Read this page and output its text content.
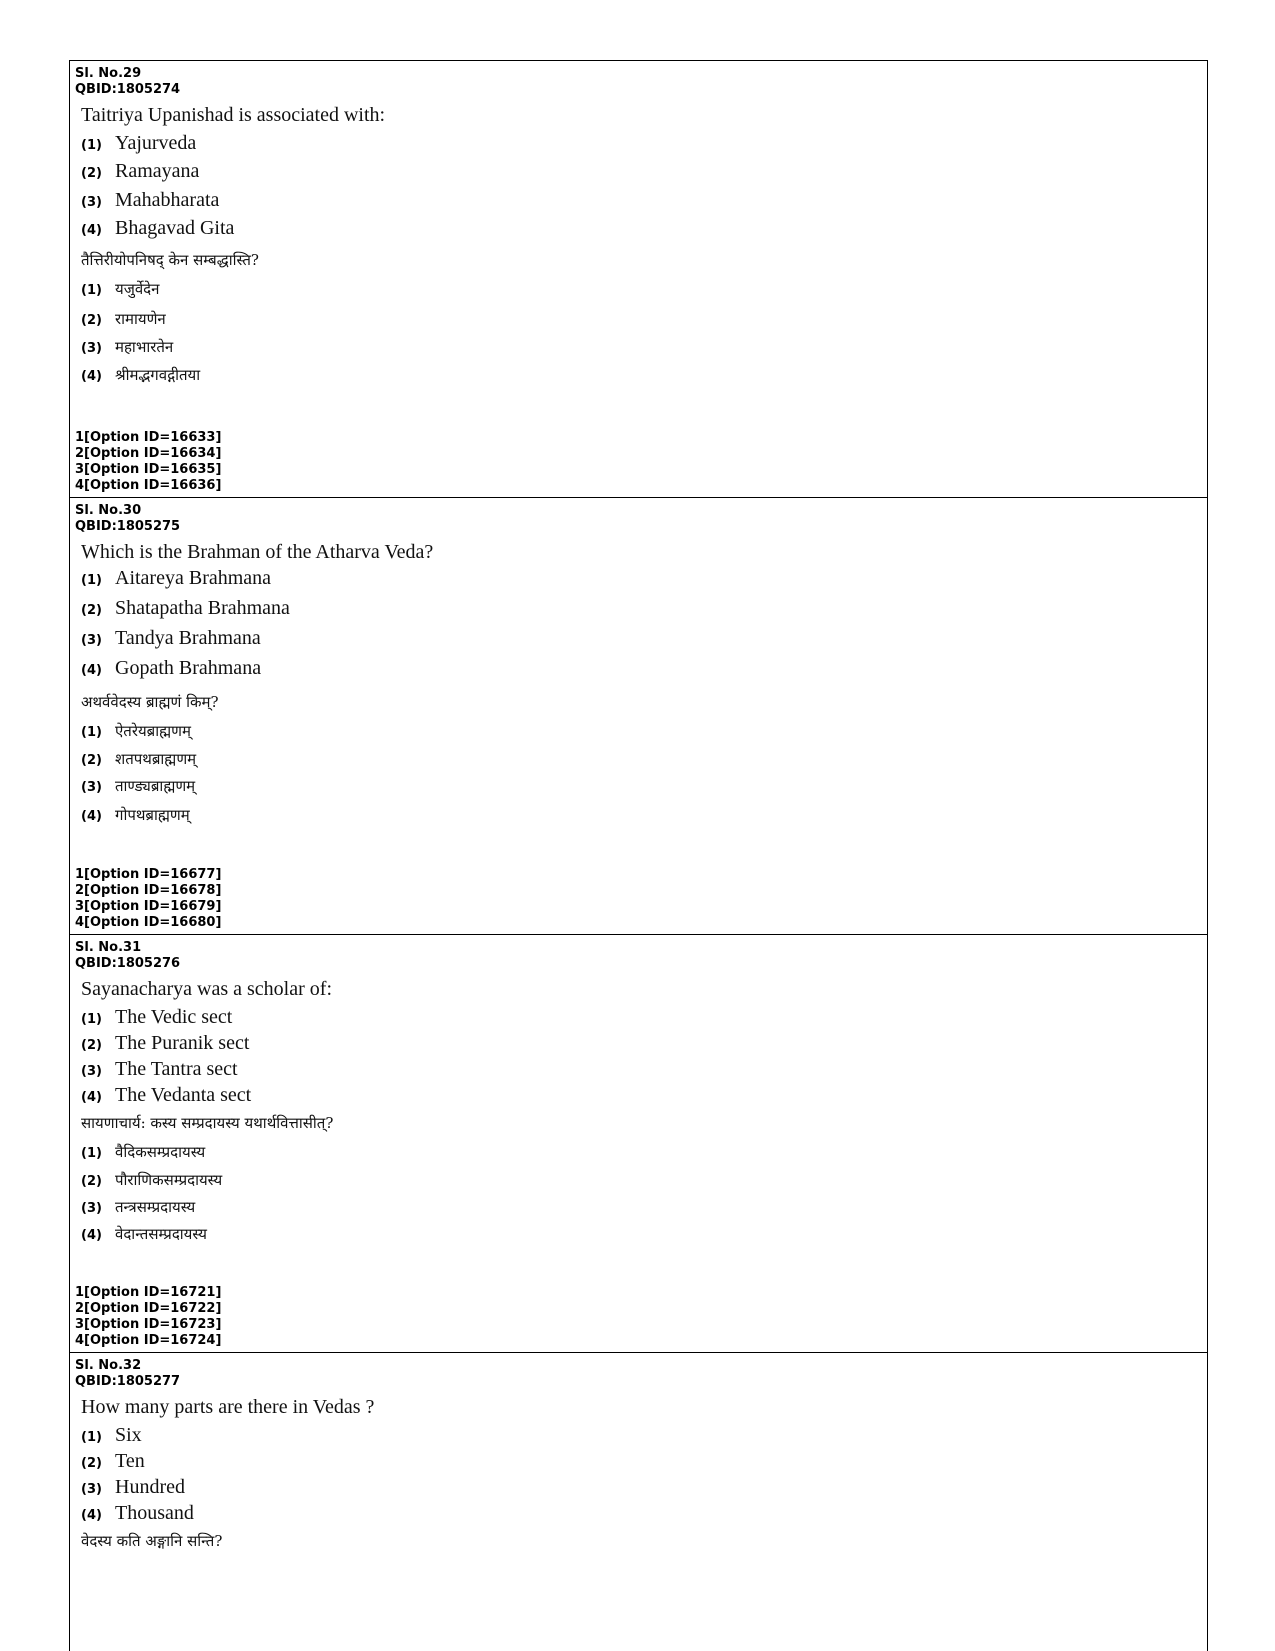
Sl. No.29
QBID:1805274
Taitriya Upanishad is associated with:
(1) Yajurveda
(2) Ramayana
(3) Mahabharata
(4) Bhagavad Gita
तैत्तिरीयोपनिषद् केन सम्बद्धास्ति?
(1) यजुर्वेदेन
(2) रामायणेन
(3) महाभारतेन
(4) श्रीमद्भगवद्गीतया
1[Option ID=16633]
2[Option ID=16634]
3[Option ID=16635]
4[Option ID=16636]
Sl. No.30
QBID:1805275
Which is the Brahman of the Atharva Veda?
(1) Aitareya Brahmana
(2) Shatapatha Brahmana
(3) Tandya Brahmana
(4) Gopath Brahmana
अथर्ववेदस्य ब्राह्मणं किम्?
(1) ऐतरेयब्राह्मणम्
(2) शतपथब्राह्मणम्
(3) ताण्ड्यब्राह्मणम्
(4) गोपथब्राह्मणम्
1[Option ID=16677]
2[Option ID=16678]
3[Option ID=16679]
4[Option ID=16680]
Sl. No.31
QBID:1805276
Sayanacharya was a scholar of:
(1) The Vedic sect
(2) The Puranik sect
(3) The Tantra sect
(4) The Vedanta sect
सायणाचार्य: कस्य सम्प्रदायस्य यथार्थवित्तासीत्?
(1) वैदिकसम्प्रदायस्य
(2) पौराणिकसम्प्रदायस्य
(3) तन्त्रसम्प्रदायस्य
(4) वेदान्तसम्प्रदायस्य
1[Option ID=16721]
2[Option ID=16722]
3[Option ID=16723]
4[Option ID=16724]
Sl. No.32
QBID:1805277
How many parts are there in Vedas ?
(1) Six
(2) Ten
(3) Hundred
(4) Thousand
वेदस्य कति अङ्गानि सन्ति?
